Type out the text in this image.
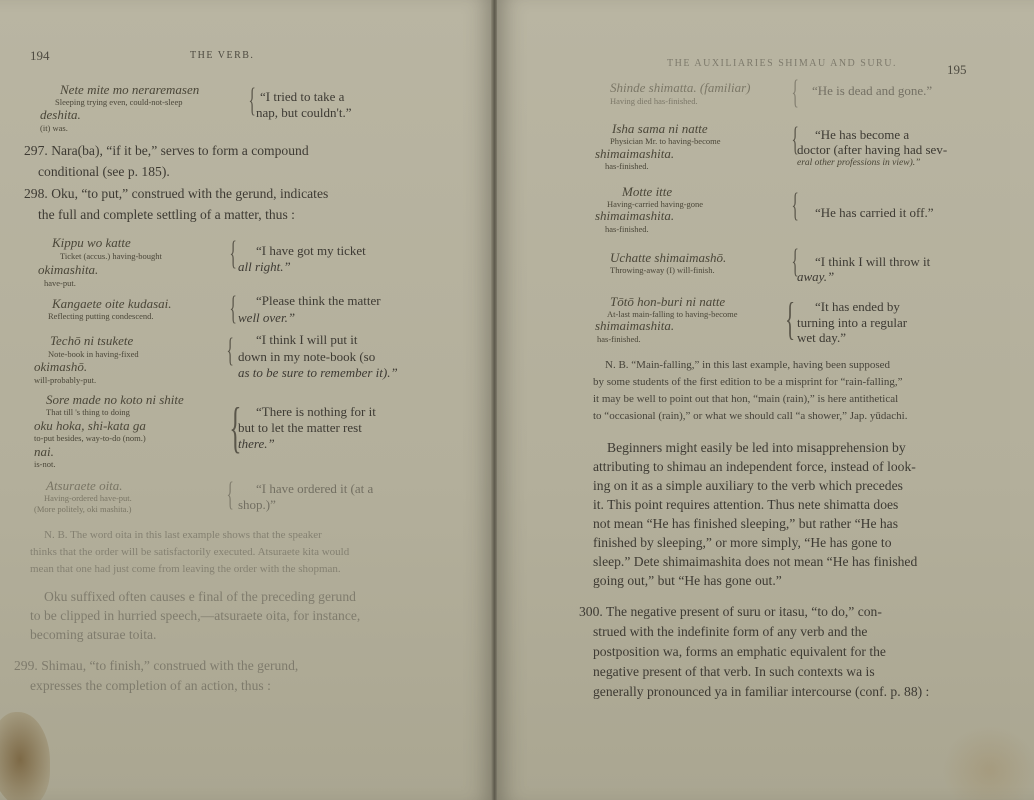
194	THE VERB.
Nete mite mo neraremasen
Sleeping trying even, could-not-sleep
deshita.
(it) was.
{ “I tried to take a
nap, but couldn't.”
297. Nara(ba), “if it be,” serves to form a compound
conditional (see p. 185).
298. Oku, “to put,” construed with the gerund, indicates
the full and complete settling of a matter, thus :
Kippu wo katte
Ticket (accus.) having-bought
okimashita.
have-put.
{ “I have got my ticket
all right.”
Kangaete oite kudasai.
Reflecting putting condescend. { “Please think the matter
well over.”
Techō ni tsukete
Note-book in having-fixed
okimashō.
will-probably-put.
{ “I think I will put it
down in my note-book (so
as to be sure to remember it).”
Sore made no koto ni shite
That till 's thing to doing
oku hoka, shi-kata ga
to-put besides, way-to-do (nom.)
nai.
is-not.
{ “There is nothing for it
but to let the matter rest
there.”
Atsuraete oita.
Having-ordered have-put.
(More politely, oki mashita.)	{ “I have ordered it (at a
shop.)”
N. B. The word oita in this last example shows that the speaker
thinks that the order will be satisfactorily executed. Atsuraete kita would
mean that one had just come from leaving the order with the shopman.
Oku suffixed often causes e final of the preceding gerund
to be clipped in hurried speech,—atsuraete oita, for instance,
becoming atsurae toita.
299. Shimau, “to finish,” construed with the gerund,
expresses the completion of an action, thus :
THE AUXILIARIES SHIMAU AND SURU.	195
Shinde shimatta. (familiar)
Having died has-finished.	{ “He is dead and gone.”
Isha sama ni natte
Physician Mr. to having-become
shimaimashita.
has-finished.
{ “He has become a
doctor (after having had sev-
eral other professions in view).”
Motte itte
Having-carried having-gone
shimaimashita.
has-finished.
{ “He has carried it off.”
Uchatte shimaimashō.
Throwing-away (I) will-finish. { “I think I will throw it
away.”
Tōtō hon-buri ni natte
At-last main-falling to having-become
shimaimashita.
has-finished.	{ “It has ended by
turning into a regular
wet day.”
N. B. “Main-falling,” in this last example, having been supposed
by some students of the first edition to be a misprint for “rain-falling,”
it may be well to point out that hon, “main (rain),” is here antithetical
to “occasional (rain),” or what we should call “a shower,” Jap. yūdachi.
Beginners might easily be led into misapprehension by
attributing to shimau an independent force, instead of look-
ing on it as a simple auxiliary to the verb which precedes
it. This point requires attention. Thus nete shimatta does
not mean “He has finished sleeping,” but rather “He has
finished by sleeping,” or more simply, “He has gone to
sleep.” Dete shimaimashita does not mean “He has finished
going out,” but “He has gone out.”
300. The negative present of suru or itasu, “to do,” con-
strued with the indefinite form of any verb and the
postposition wa, forms an emphatic equivalent for the
negative present of that verb. In such contexts wa is
generally pronounced ya in familiar intercourse (conf. p. 88) :
